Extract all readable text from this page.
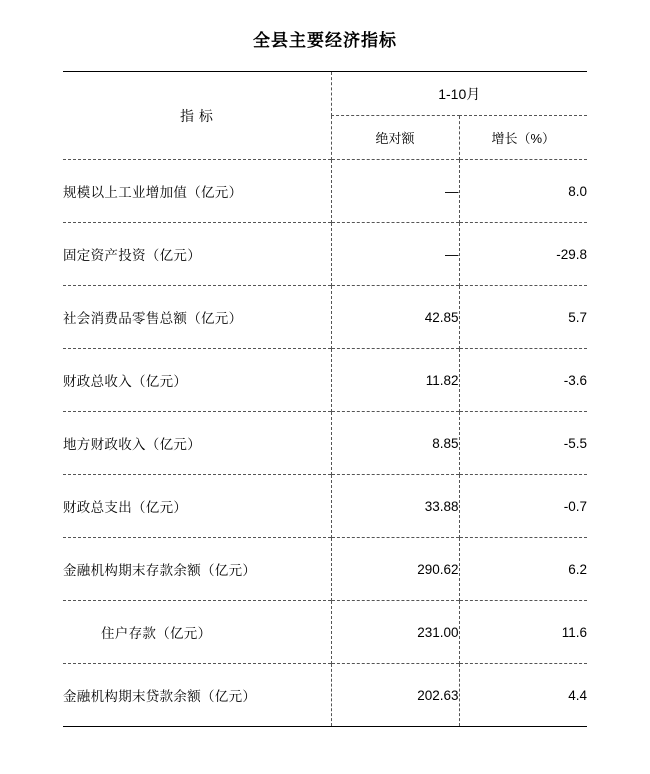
全县主要经济指标
指 标	1-10月	
	绝对额	增长（%）
规模以上工业增加值（亿元）	—	8.0
固定资产投资（亿元）	—	-29.8
社会消费品零售总额（亿元）	42.85	5.7
财政总收入（亿元）	11.82	-3.6
地方财政收入（亿元）	8.85	-5.5
财政总支出（亿元）	33.88	-0.7
金融机构期末存款余额（亿元）	290.62	6.2
住户存款（亿元）	231.00	11.6
金融机构期末贷款余额（亿元）	202.63	4.4
